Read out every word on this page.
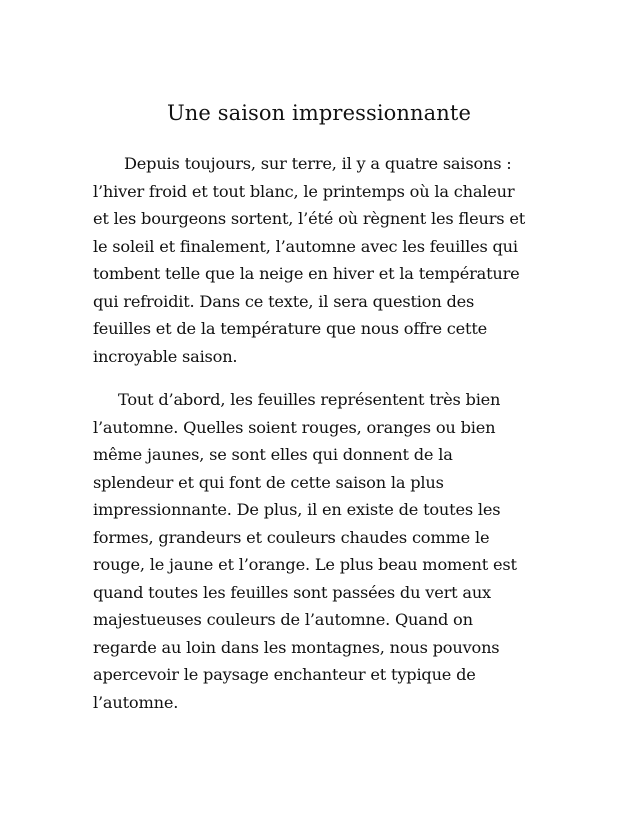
Une saison impressionnante
Depuis toujours, sur terre, il y a quatre saisons :
l’hiver froid et tout blanc, le printemps où la chaleur
et les bourgeons sortent, l’été où règnent les fleurs et
le soleil et finalement, l’automne avec les feuilles qui
tombent telle que la neige en hiver et la température
qui refroidit. Dans ce texte, il sera question des
feuilles et de la température que nous offre cette
incroyable saison.
Tout d’abord, les feuilles représentent très bien
l’automne. Quelles soient rouges, oranges ou bien
même jaunes, se sont elles qui donnent de la
splendeur et qui font de cette saison la plus
impressionnante. De plus, il en existe de toutes les
formes, grandeurs et couleurs chaudes comme le
rouge, le jaune et l’orange. Le plus beau moment est
quand toutes les feuilles sont passées du vert aux
majestueuses couleurs de l’automne. Quand on
regarde au loin dans les montagnes, nous pouvons
apercevoir le paysage enchanteur et typique de
l’automne.
